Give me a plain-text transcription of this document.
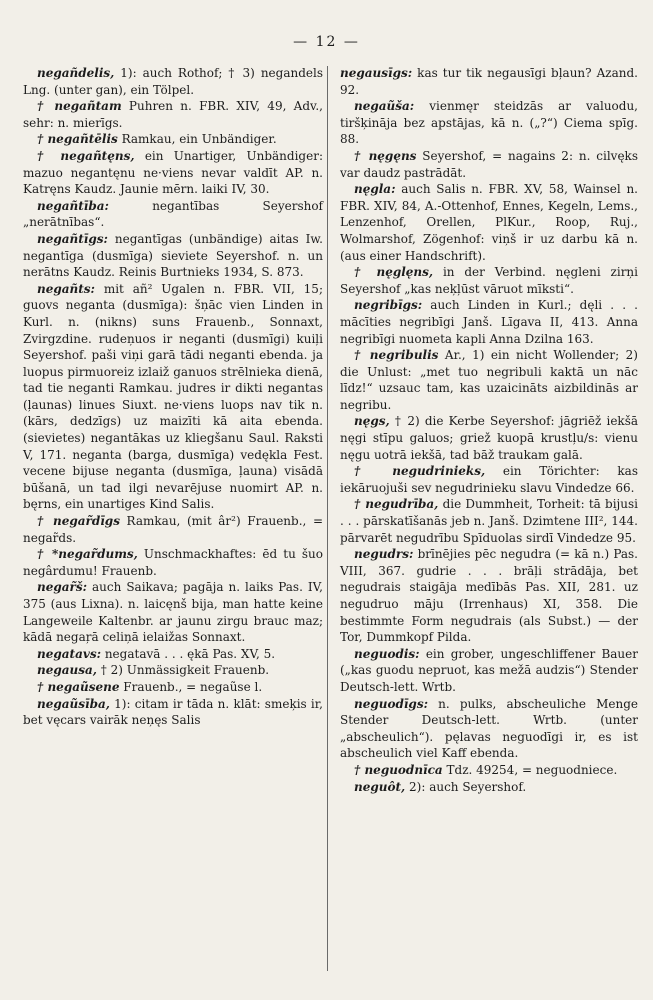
— 12 —

negañdelis, 1): auch Rothof; † 3) negandels Lng. (unter gan), ein Tölpel.

† negañtam Puhren n. FBR. XIV, 49, Adv., sehr: n. mierīgs.

† negañtēlis Ramkau, ein Unbändiger.

† negañtęns, ein Unartiger, Unbändiger: mazuo negantęnu ne·viens nevar valdīt AP. n. Katręns Kaudz. Jaunie mērn. laiki IV, 30.

negañtība: negantības Seyershof „nerātnības“.

negañtīgs: negantīgas (unbändige) aitas Iw. negantīga (dusmīga) sieviete Seyershof. n. un nerātns Kaudz. Reinis Burtnieks 1934, S. 873.

negañts: mit añ² Ugalen n. FBR. VII, 15; guovs neganta (dusmīga): šņāc vien Linden in Kurl. n. (nikns) suns Frauenb., Sonnaxt, Zvirgzdine. ruden̦uos ir neganti (dusmīgi) kuiļi Seyershof. paši viņi garā tādi neganti ebenda. ja luopus pirmuoreiz izlaiž ganuos strēlnieka dienā, tad tie neganti Ramkau. judres ir dikti negantas (ļaunas) linues Siuxt. ne·viens luops nav tik n. (kārs, dedzīgs) uz maizīti kā aita ebenda. (sievietes) negantākas uz kliegšanu Saul. Raksti V, 171. neganta (barga, dusmīga) vedękla Fest. vecene bijuse neganta (dusmīga, ļauna) visādā būšanā, un tad ilgi nevarējuse nuomirt AP. n. bęrns, ein unartiges Kind Salis.

† negar̃dīgs Ramkau, (mit âr²) Frauenb., = negar̃ds.

† *negar̃dums, Unschmackhaftes: ēd tu šuo negârdumu! Frauenb.

negar̃š: auch Saikava; pagāja n. laiks Pas. IV, 375 (aus Lixna). n. laicęnš bija, man hatte keine Langeweile Kaltenbr. ar jaunu zirgu brauc maz; kādā negaŗā celiņā ielaižas Sonnaxt.

negatavs: negatavā . . . ękā Pas. XV, 5.

negausa, † 2) Unmässigkeit Frauenb.

† negaũsene Frauenb., = negaũse l.

negaũsība, 1): citam ir tāda n. klāt: smeķis ir, bet vęcars vairāk neņęs Salis

negausīgs: kas tur tik negausīgi bļaun? Azand. 92.

negaũša: vienmęr steidzās ar valuodu, tiršķināja bez apstājas, kā n. („?“) Ciema spīg. 88.

† nęgęns Seyershof, = nagains 2: n. cilvęks var daudz pastrādāt.

nęgla: auch Salis n. FBR. XV, 58, Wainsel n. FBR. XIV, 84, A.-Ottenhof, Ennes, Kegeln, Lems., Lenzenhof, Orellen, PlKur., Roop, Ruj., Wolmarshof, Zögenhof: viņš ir uz darbu kā n. (aus einer Handschrift).

† nęglęns, in der Verbind. nęgleni zirņi Seyershof „kas neķļūst vāruot mīksti“.

negribīgs: auch Linden in Kurl.; dęli . . . mācīties negribīgi Janš. Līgava II, 413. Anna negribīgi nuometa kapli Anna Dzilna 163.

† negribulis Ar., 1) ein nicht Wollender; 2) die Unlust: „met tuo negribuli kaktā un nāc līdz!“ uzsauc tam, kas uzaicināts aizbildinās ar negribu.

nęgs, † 2) die Kerbe Seyershof: jāgriēž iekšā nęgi stīpu galuos; griež kuopā krustļu/s: vienu nęgu uotrā iekšā, tad bāž traukam galā.

† negudrinieks, ein Törichter: kas iekāruojuši sev negudrinieku slavu Vindedze 66.

† negudrība, die Dummheit, Torheit: tā bijusi . . . pārskatīšanās jeb n. Janš. Dzimtene III², 144. pārvarēt negudrību Spīduolas sirdī Vindedze 95.

negudrs: brīnējies pēc negudra (= kā n.) Pas. VIII, 367. gudrie . . . brāļi strādāja, bet negudrais staigāja medībās Pas. XII, 281. uz negudruo māju (Irrenhaus) XI, 358. Die bestimmte Form negudrais (als Subst.) — der Tor, Dummkopf Pilda.

neguodis: ein grober, ungeschliffener Bauer („kas guodu nepruot, kas mežā audzis“) Stender Deutsch-lett. Wrtb.

neguodīgs: n. pulks, abscheuliche Menge Stender Deutsch-lett. Wrtb. (unter „abscheulich“). pęlavas neguodīgi ir, es ist abscheulich viel Kaff ebenda.

† neguodnīca Tdz. 49254, = neguodniece.

neguôt, 2): auch Seyershof.
